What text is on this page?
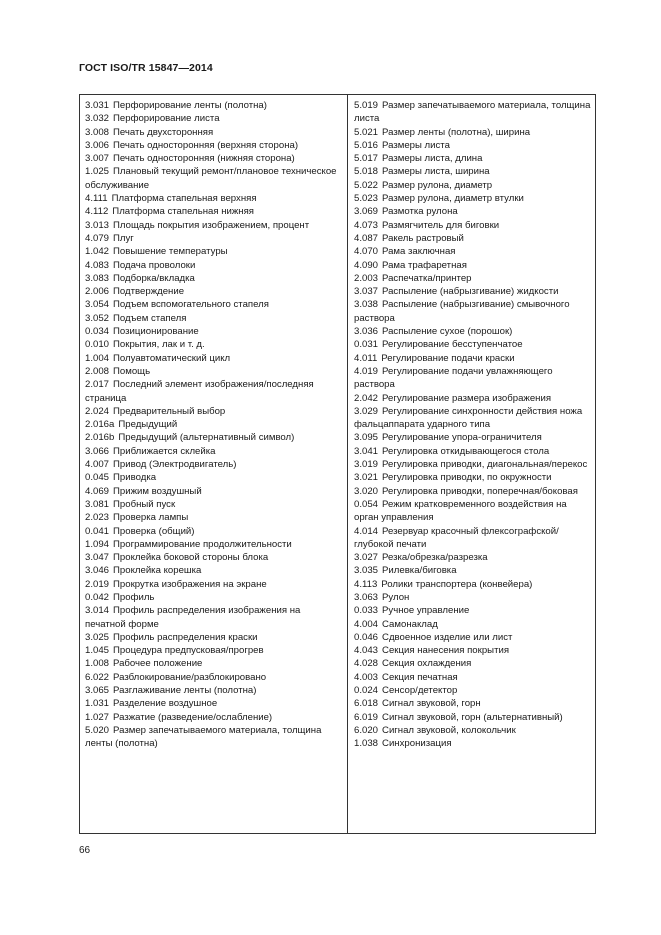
ГОСТ ISO/TR 15847—2014
3.031 Перфорирование ленты (полотна)
3.032 Перфорирование листа
3.008 Печать двухсторонняя
3.006 Печать односторонняя (верхняя сторона)
3.007 Печать односторонняя (нижняя сторона)
1.025 Плановый текущий ремонт/плановое техническое обслуживание
4.111 Платформа стапельная верхняя
4.112 Платформа стапельная нижняя
3.013 Площадь покрытия изображением, процент
4.079 Плуг
1.042 Повышение температуры
4.083 Подача проволоки
3.083 Подборка/вкладка
2.006 Подтверждение
3.054 Подъем вспомогательного стапеля
3.052 Подъем стапеля
0.034 Позиционирование
0.010 Покрытия, лак и т. д.
1.004 Полуавтоматический цикл
2.008 Помощь
2.017 Последний элемент изображения/последняя страница
2.024 Предварительный выбор
2.016a Предыдущий
2.016b Предыдущий (альтернативный символ)
3.066 Приближается склейка
4.007 Привод (Электродвигатель)
0.045 Приводка
4.069 Прижим воздушный
3.081 Пробный пуск
2.023 Проверка лампы
0.041 Проверка (общий)
1.094 Программирование продолжительности
3.047 Проклейка боковой стороны блока
3.046 Проклейка корешка
2.019 Прокрутка изображения на экране
0.042 Профиль
3.014 Профиль распределения изображения на печатной форме
3.025 Профиль распределения краски
1.045 Процедура предпусковая/прогрев
1.008 Рабочее положение
6.022 Разблокирование/разблокировано
3.065 Разглаживание ленты (полотна)
1.031 Разделение воздушное
1.027 Разжатие (разведение/ослабление)
5.020 Размер запечатываемого материала, толщина ленты (полотна)
5.019 Размер запечатываемого материала, толщина листа
5.021 Размер ленты (полотна), ширина
5.016 Размеры листа
5.017 Размеры листа, длина
5.018 Размеры листа, ширина
5.022 Размер рулона, диаметр
5.023 Размер рулона, диаметр втулки
3.069 Размотка рулона
4.073 Размягчитель для биговки
4.087 Ракель растровый
4.070 Рама заключная
4.090 Рама трафаретная
2.003 Распечатка/принтер
3.037 Распыление (набрызгивание) жидкости
3.038 Распыление (набрызгивание) смывочного раствора
3.036 Распыление сухое (порошок)
0.031 Регулирование бесступенчатое
4.011 Регулирование подачи краски
4.019 Регулирование подачи увлажняющего раствора
2.042 Регулирование размера изображения
3.029 Регулирование синхронности действия ножа фальцаппарата ударного типа
3.095 Регулирование упора-ограничителя
3.041 Регулировка откидывающегося стола
3.019 Регулировка приводки, диагональная/перекос
3.021 Регулировка приводки, по окружности
3.020 Регулировка приводки, поперечная/боковая
0.054 Режим кратковременного воздействия на орган управления
4.014 Резервуар красочный флексографской/глубокой печати
3.027 Резка/обрезка/разрезка
3.035 Рилевка/биговка
4.113 Ролики транспортера (конвейера)
3.063 Рулон
0.033 Ручное управление
4.004 Самонаклад
0.046 Сдвоенное изделие или лист
4.043 Секция нанесения покрытия
4.028 Секция охлаждения
4.003 Секция печатная
0.024 Сенсор/детектор
6.018 Сигнал звуковой, горн
6.019 Сигнал звуковой, горн (альтернативный)
6.020 Сигнал звуковой, колокольчик
1.038 Синхронизация
66
